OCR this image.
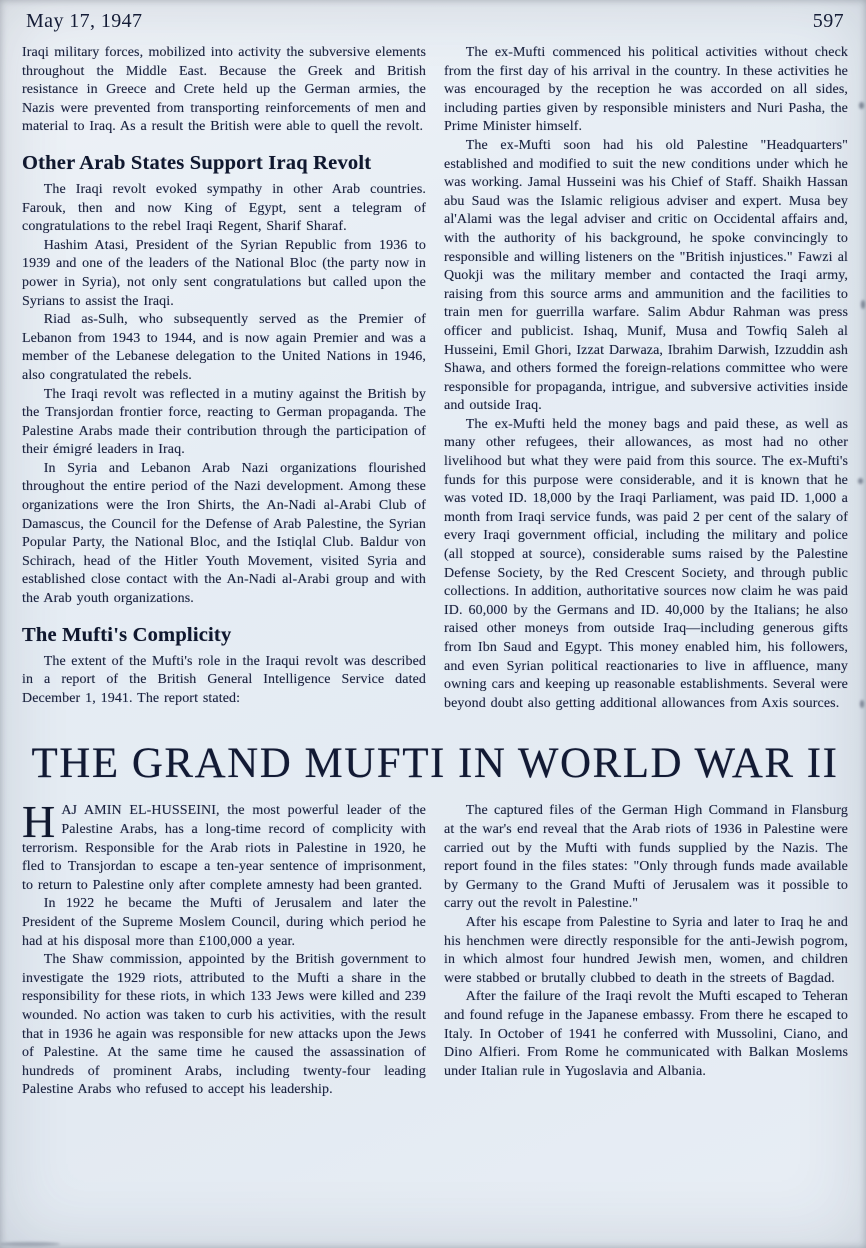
May 17, 1947	597

Iraqi military forces, mobilized into activity the subversive elements throughout the Middle East. Because the Greek and British resistance in Greece and Crete held up the German armies, the Nazis were prevented from transporting reinforcements of men and material to Iraq. As a result the British were able to quell the revolt.

Other Arab States Support Iraq Revolt

The Iraqi revolt evoked sympathy in other Arab countries. Farouk, then and now King of Egypt, sent a telegram of congratulations to the rebel Iraqi Regent, Sharif Sharaf.

Hashim Atasi, President of the Syrian Republic from 1936 to 1939 and one of the leaders of the National Bloc (the party now in power in Syria), not only sent congratulations but called upon the Syrians to assist the Iraqi.

Riad as-Sulh, who subsequently served as the Premier of Lebanon from 1943 to 1944, and is now again Premier and was a member of the Lebanese delegation to the United Nations in 1946, also congratulated the rebels.

The Iraqi revolt was reflected in a mutiny against the British by the Transjordan frontier force, reacting to German propaganda. The Palestine Arabs made their contribution through the participation of their émigré leaders in Iraq.

In Syria and Lebanon Arab Nazi organizations flourished throughout the entire period of the Nazi development. Among these organizations were the Iron Shirts, the An-Nadi al-Arabi Club of Damascus, the Council for the Defense of Arab Palestine, the Syrian Popular Party, the National Bloc, and the Istiqlal Club. Baldur von Schirach, head of the Hitler Youth Movement, visited Syria and established close contact with the An-Nadi al-Arabi group and with the Arab youth organizations.

The Mufti's Complicity

The extent of the Mufti's role in the Iraqui revolt was described in a report of the British General Intelligence Service dated December 1, 1941. The report stated:

The ex-Mufti commenced his political activities without check from the first day of his arrival in the country. In these activities he was encouraged by the reception he was accorded on all sides, including parties given by responsible ministers and Nuri Pasha, the Prime Minister himself.

The ex-Mufti soon had his old Palestine "Headquarters" established and modified to suit the new conditions under which he was working. Jamal Husseini was his Chief of Staff. Shaikh Hassan abu Saud was the Islamic religious adviser and expert. Musa bey al'Alami was the legal adviser and critic on Occidental affairs and, with the authority of his background, he spoke convincingly to responsible and willing listeners on the "British injustices." Fawzi al Quokji was the military member and contacted the Iraqi army, raising from this source arms and ammunition and the facilities to train men for guerrilla warfare. Salim Abdur Rahman was press officer and publicist. Ishaq, Munif, Musa and Towfiq Saleh al Husseini, Emil Ghori, Izzat Darwaza, Ibrahim Darwish, Izzuddin ash Shawa, and others formed the foreign-relations committee who were responsible for propaganda, intrigue, and subversive activities inside and outside Iraq.

The ex-Mufti held the money bags and paid these, as well as many other refugees, their allowances, as most had no other livelihood but what they were paid from this source. The ex-Mufti's funds for this purpose were considerable, and it is known that he was voted ID. 18,000 by the Iraqi Parliament, was paid ID. 1,000 a month from Iraqi service funds, was paid 2 per cent of the salary of every Iraqi government official, including the military and police (all stopped at source), considerable sums raised by the Palestine Defense Society, by the Red Crescent Society, and through public collections. In addition, authoritative sources now claim he was paid ID. 60,000 by the Germans and ID. 40,000 by the Italians; he also raised other moneys from outside Iraq—including generous gifts from Ibn Saud and Egypt. This money enabled him, his followers, and even Syrian political reactionaries to live in affluence, many owning cars and keeping up reasonable establishments. Several were beyond doubt also getting additional allowances from Axis sources.

THE GRAND MUFTI IN WORLD WAR II

HAJ AMIN EL-HUSSEINI, the most powerful leader of the Palestine Arabs, has a long-time record of complicity with terrorism. Responsible for the Arab riots in Palestine in 1920, he fled to Transjordan to escape a ten-year sentence of imprisonment, to return to Palestine only after complete amnesty had been granted.

In 1922 he became the Mufti of Jerusalem and later the President of the Supreme Moslem Council, during which period he had at his disposal more than £100,000 a year.

The Shaw commission, appointed by the British government to investigate the 1929 riots, attributed to the Mufti a share in the responsibility for these riots, in which 133 Jews were killed and 239 wounded. No action was taken to curb his activities, with the result that in 1936 he again was responsible for new attacks upon the Jews of Palestine. At the same time he caused the assassination of hundreds of prominent Arabs, including twenty-four leading Palestine Arabs who refused to accept his leadership.

The captured files of the German High Command in Flansburg at the war's end reveal that the Arab riots of 1936 in Palestine were carried out by the Mufti with funds supplied by the Nazis. The report found in the files states: "Only through funds made available by Germany to the Grand Mufti of Jerusalem was it possible to carry out the revolt in Palestine."

After his escape from Palestine to Syria and later to Iraq he and his henchmen were directly responsible for the anti-Jewish pogrom, in which almost four hundred Jewish men, women, and children were stabbed or brutally clubbed to death in the streets of Bagdad.

After the failure of the Iraqi revolt the Mufti escaped to Teheran and found refuge in the Japanese embassy. From there he escaped to Italy. In October of 1941 he conferred with Mussolini, Ciano, and Dino Alfieri. From Rome he communicated with Balkan Moslems under Italian rule in Yugoslavia and Albania.
